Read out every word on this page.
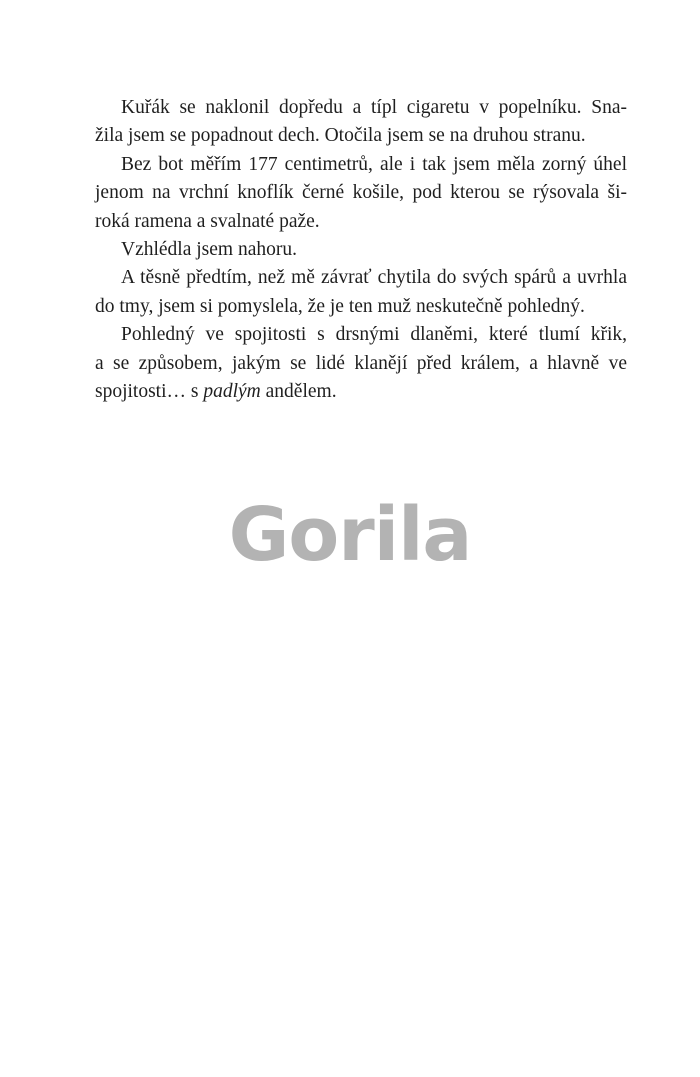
Kuřák se naklonil dopředu a típl cigaretu v popelníku. Sna-
žila jsem se popadnout dech. Otočila jsem se na druhou stranu.

Bez bot měřím 177 centimetrů, ale i tak jsem měla zorný úhel
jenom na vrchní knoflík černé košile, pod kterou se rýsovala ši-
roká ramena a svalnaté paže.

Vzhlédla jsem nahoru.

A těsně předtím, než mě závrať chytila do svých spárů a uvrhla
do tmy, jsem si pomyslela, že je ten muž neskutečně pohledný.

Pohledný ve spojitosti s drsnými dlaněmi, které tlumí křik,
a se způsobem, jakým se lidé klanějí před králem, a hlavně ve
spojitosti… s padlým andělem.

Gorila
